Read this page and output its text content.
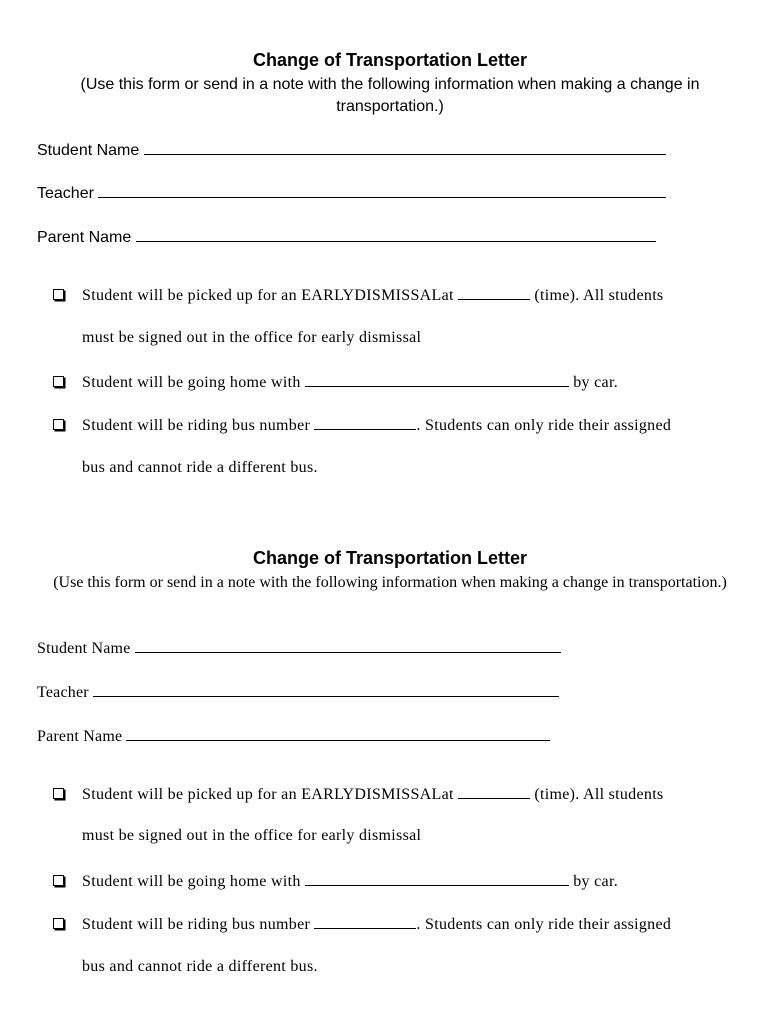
Change of Transportation Letter
(Use this form or send in a note with the following information when making a change in transportation.)
Student Name
Teacher
Parent Name
Student will be picked up for an EARLYDISMISSALat	(time). All students
must be signed out in the office for early dismissal
Student will be going home with	by car.
Student will be riding bus number	. Students can only ride their assigned
bus and cannot ride a different bus.
Change of Transportation Letter
(Use this form or send in a note with the following information when making a change in transportation.)
Student Name
Teacher
Parent Name
Student will be picked up for an EARLYDISMISSALat	(time). All students
must be signed out in the office for early dismissal
Student will be going home with	by car.
Student will be riding bus number	. Students can only ride their assigned
bus and cannot ride a different bus.
